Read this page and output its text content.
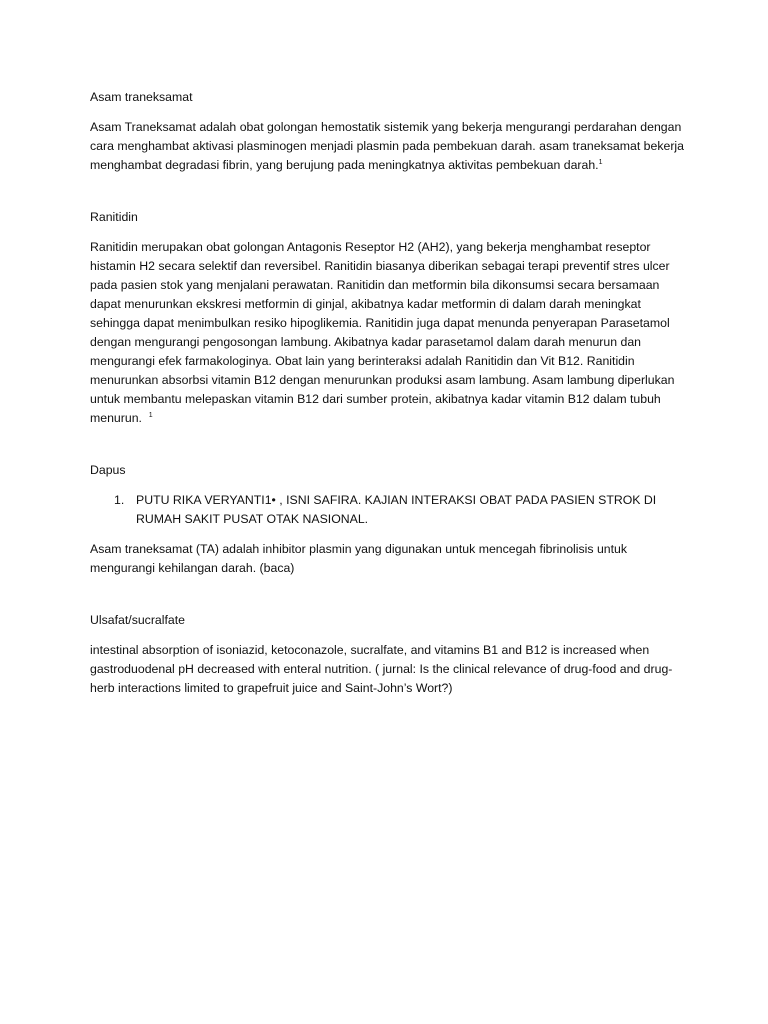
Asam traneksamat

Asam Traneksamat adalah obat golongan hemostatik sistemik yang bekerja mengurangi perdarahan dengan cara menghambat aktivasi plasminogen menjadi plasmin pada pembekuan darah. asam traneksamat bekerja menghambat degradasi fibrin, yang berujung pada meningkatnya aktivitas pembekuan darah.$^1$

Ranitidin

Ranitidin merupakan obat golongan Antagonis Reseptor H2 (AH2), yang bekerja menghambat reseptor histamin H2 secara selektif dan reversibel. Ranitidin biasanya diberikan sebagai terapi preventif stres ulcer pada pasien stok yang menjalani perawatan. Ranitidin dan metformin bila dikonsumsi secara bersamaan dapat menurunkan ekskresi metformin di ginjal, akibatnya kadar metformin di dalam darah meningkat sehingga dapat menimbulkan resiko hipoglikemia. Ranitidin juga dapat menunda penyerapan Parasetamol dengan mengurangi pengosongan lambung. Akibatnya kadar parasetamol dalam darah menurun dan mengurangi efek farmakologinya. Obat lain yang berinteraksi adalah Ranitidin dan Vit B12. Ranitidin menurunkan absorbsi vitamin B12 dengan menurunkan produksi asam lambung. Asam lambung diperlukan untuk membantu melepaskan vitamin B12 dari sumber protein, akibatnya kadar vitamin B12 dalam tubuh menurun. $^1$

Dapus

1. PUTU RIKA VERYANTI1• , ISNI SAFIRA. KAJIAN INTERAKSI OBAT PADA PASIEN STROK DI RUMAH SAKIT PUSAT OTAK NASIONAL.

Asam traneksamat (TA) adalah inhibitor plasmin yang digunakan untuk mencegah fibrinolisis untuk mengurangi kehilangan darah. (baca)

Ulsafat/sucralfate

intestinal absorption of isoniazid, ketoconazole, sucralfate, and vitamins B1 and B12 is increased when gastroduodenal pH decreased with enteral nutrition. ( jurnal: Is the clinical relevance of drug-food and drug-herb interactions limited to grapefruit juice and Saint-John’s Wort?)
